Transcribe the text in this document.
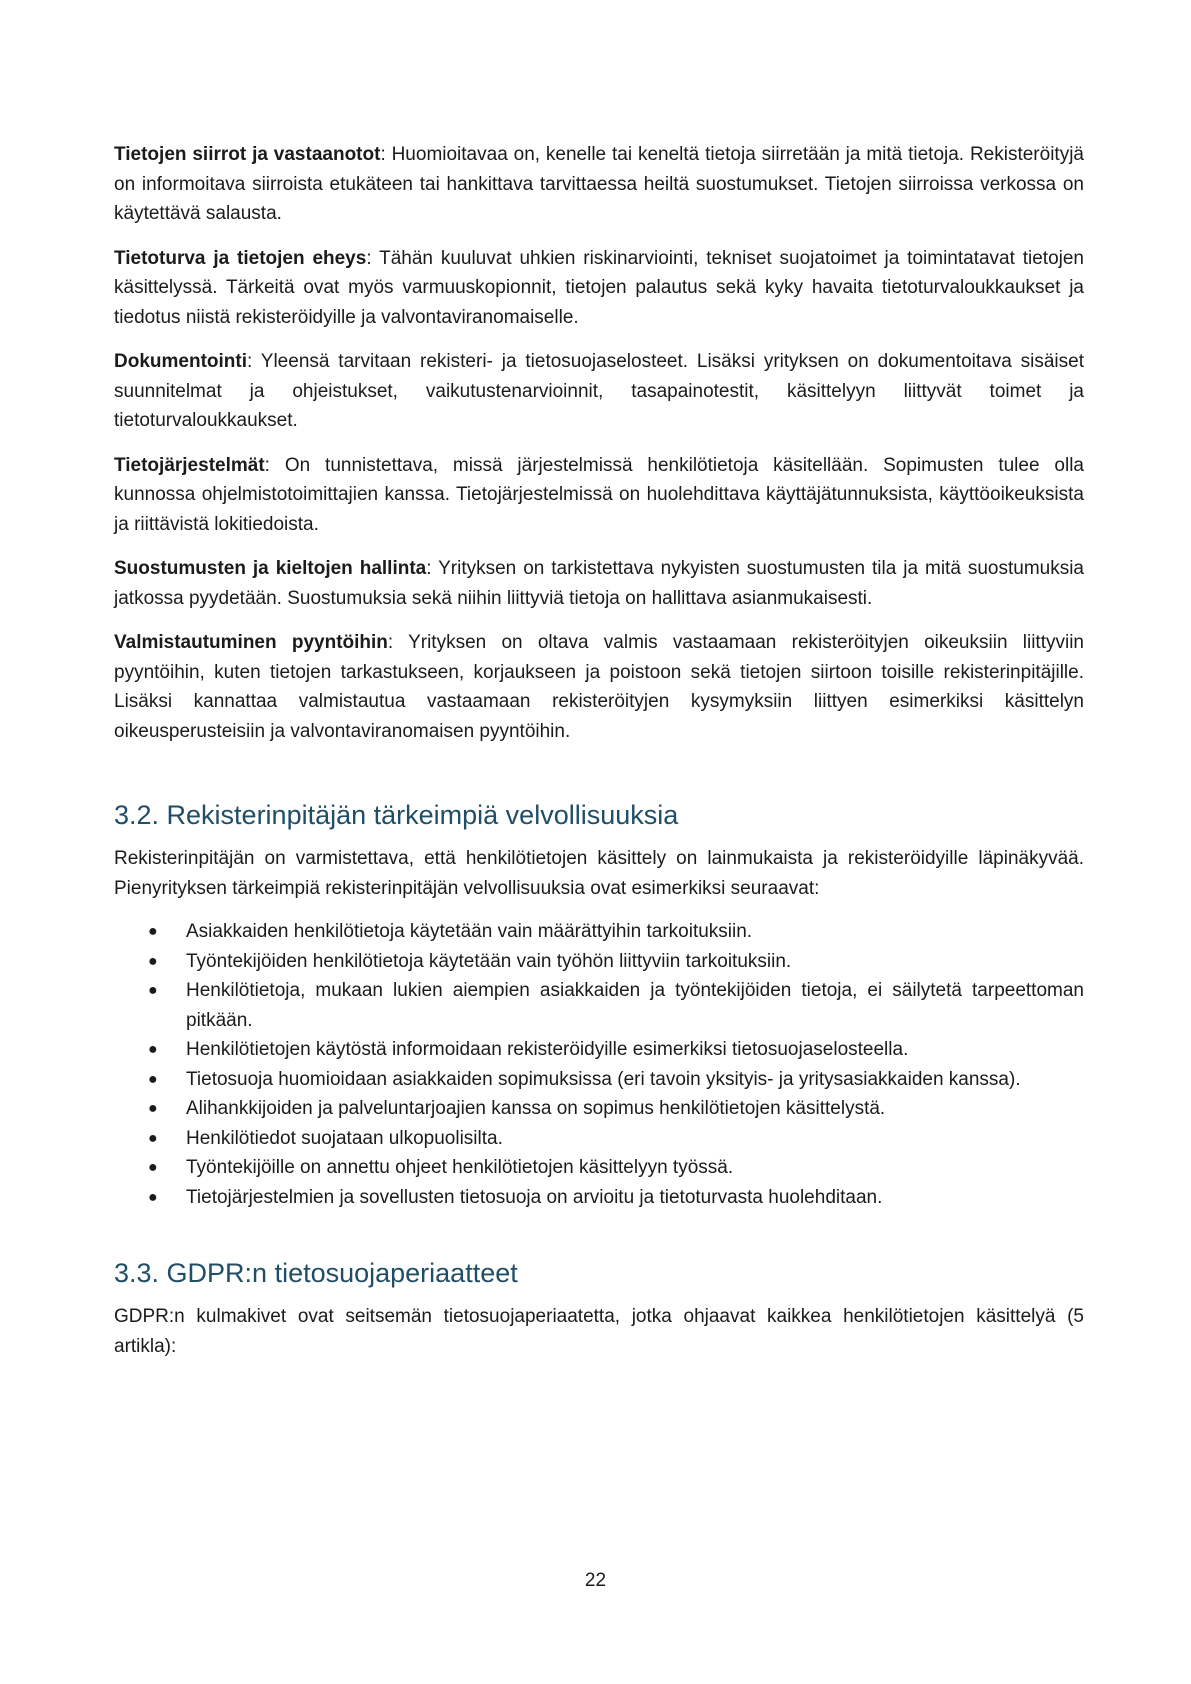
Tietojen siirrot ja vastaanotot: Huomioitavaa on, kenelle tai keneltä tietoja siirretään ja mitä tietoja. Rekisteröityjä on informoitava siirroista etukäteen tai hankittava tarvittaessa heiltä suostumukset. Tietojen siirroissa verkossa on käytettävä salausta.

Tietoturva ja tietojen eheys: Tähän kuuluvat uhkien riskinarviointi, tekniset suojatoimet ja toimintatavat tietojen käsittelyssä. Tärkeitä ovat myös varmuuskopionnit, tietojen palautus sekä kyky havaita tietoturvaloukkaukset ja tiedotus niistä rekisteröidyille ja valvontaviranomaiselle.

Dokumentointi: Yleensä tarvitaan rekisteri- ja tietosuojaselosteet. Lisäksi yrityksen on dokumentoitava sisäiset suunnitelmat ja ohjeistukset, vaikutustenarvioinnit, tasapainotestit, käsittelyyn liittyvät toimet ja tietoturvaloukkaukset.

Tietojärjestelmät: On tunnistettava, missä järjestelmissä henkilötietoja käsitellään. Sopimusten tulee olla kunnossa ohjelmistotoimittajien kanssa. Tietojärjestelmissä on huolehdittava käyttäjätunnuksista, käyttöoikeuksista ja riittävistä lokitiedoista.

Suostumusten ja kieltojen hallinta: Yrityksen on tarkistettava nykyisten suostumusten tila ja mitä suostumuksia jatkossa pyydetään. Suostumuksia sekä niihin liittyviä tietoja on hallittava asianmukaisesti.

Valmistautuminen pyyntöihin: Yrityksen on oltava valmis vastaamaan rekisteröityjen oikeuksiin liittyviin pyyntöihin, kuten tietojen tarkastukseen, korjaukseen ja poistoon sekä tietojen siirtoon toisille rekisterinpitäjille. Lisäksi kannattaa valmistautua vastaamaan rekisteröityjen kysymyksiin liittyen esimerkiksi käsittelyn oikeusperusteisiin ja valvontaviranomaisen pyyntöihin.

3.2. Rekisterinpitäjän tärkeimpiä velvollisuuksia

Rekisterinpitäjän on varmistettava, että henkilötietojen käsittely on lainmukaista ja rekisteröidyille läpinäkyvää. Pienyrityksen tärkeimpiä rekisterinpitäjän velvollisuuksia ovat esimerkiksi seuraavat:

● Asiakkaiden henkilötietoja käytetään vain määrättyihin tarkoituksiin.
● Työntekijöiden henkilötietoja käytetään vain työhön liittyviin tarkoituksiin.
● Henkilötietoja, mukaan lukien aiempien asiakkaiden ja työntekijöiden tietoja, ei säilytetä tarpeettoman pitkään.
● Henkilötietojen käytöstä informoidaan rekisteröidyille esimerkiksi tietosuojaselosteella.
● Tietosuoja huomioidaan asiakkaiden sopimuksissa (eri tavoin yksityis- ja yritysasiakkaiden kanssa).
● Alihankkijoiden ja palveluntarjoajien kanssa on sopimus henkilötietojen käsittelystä.
● Henkilötiedot suojataan ulkopuolisilta.
● Työntekijöille on annettu ohjeet henkilötietojen käsittelyyn työssä.
● Tietojärjestelmien ja sovellusten tietosuoja on arvioitu ja tietoturvasta huolehditaan.
3.3. GDPR:n tietosuojaperiaatteet

GDPR:n kulmakivet ovat seitsemän tietosuojaperiaatetta, jotka ohjaavat kaikkea henkilötietojen käsittelyä (5 artikla):

22
